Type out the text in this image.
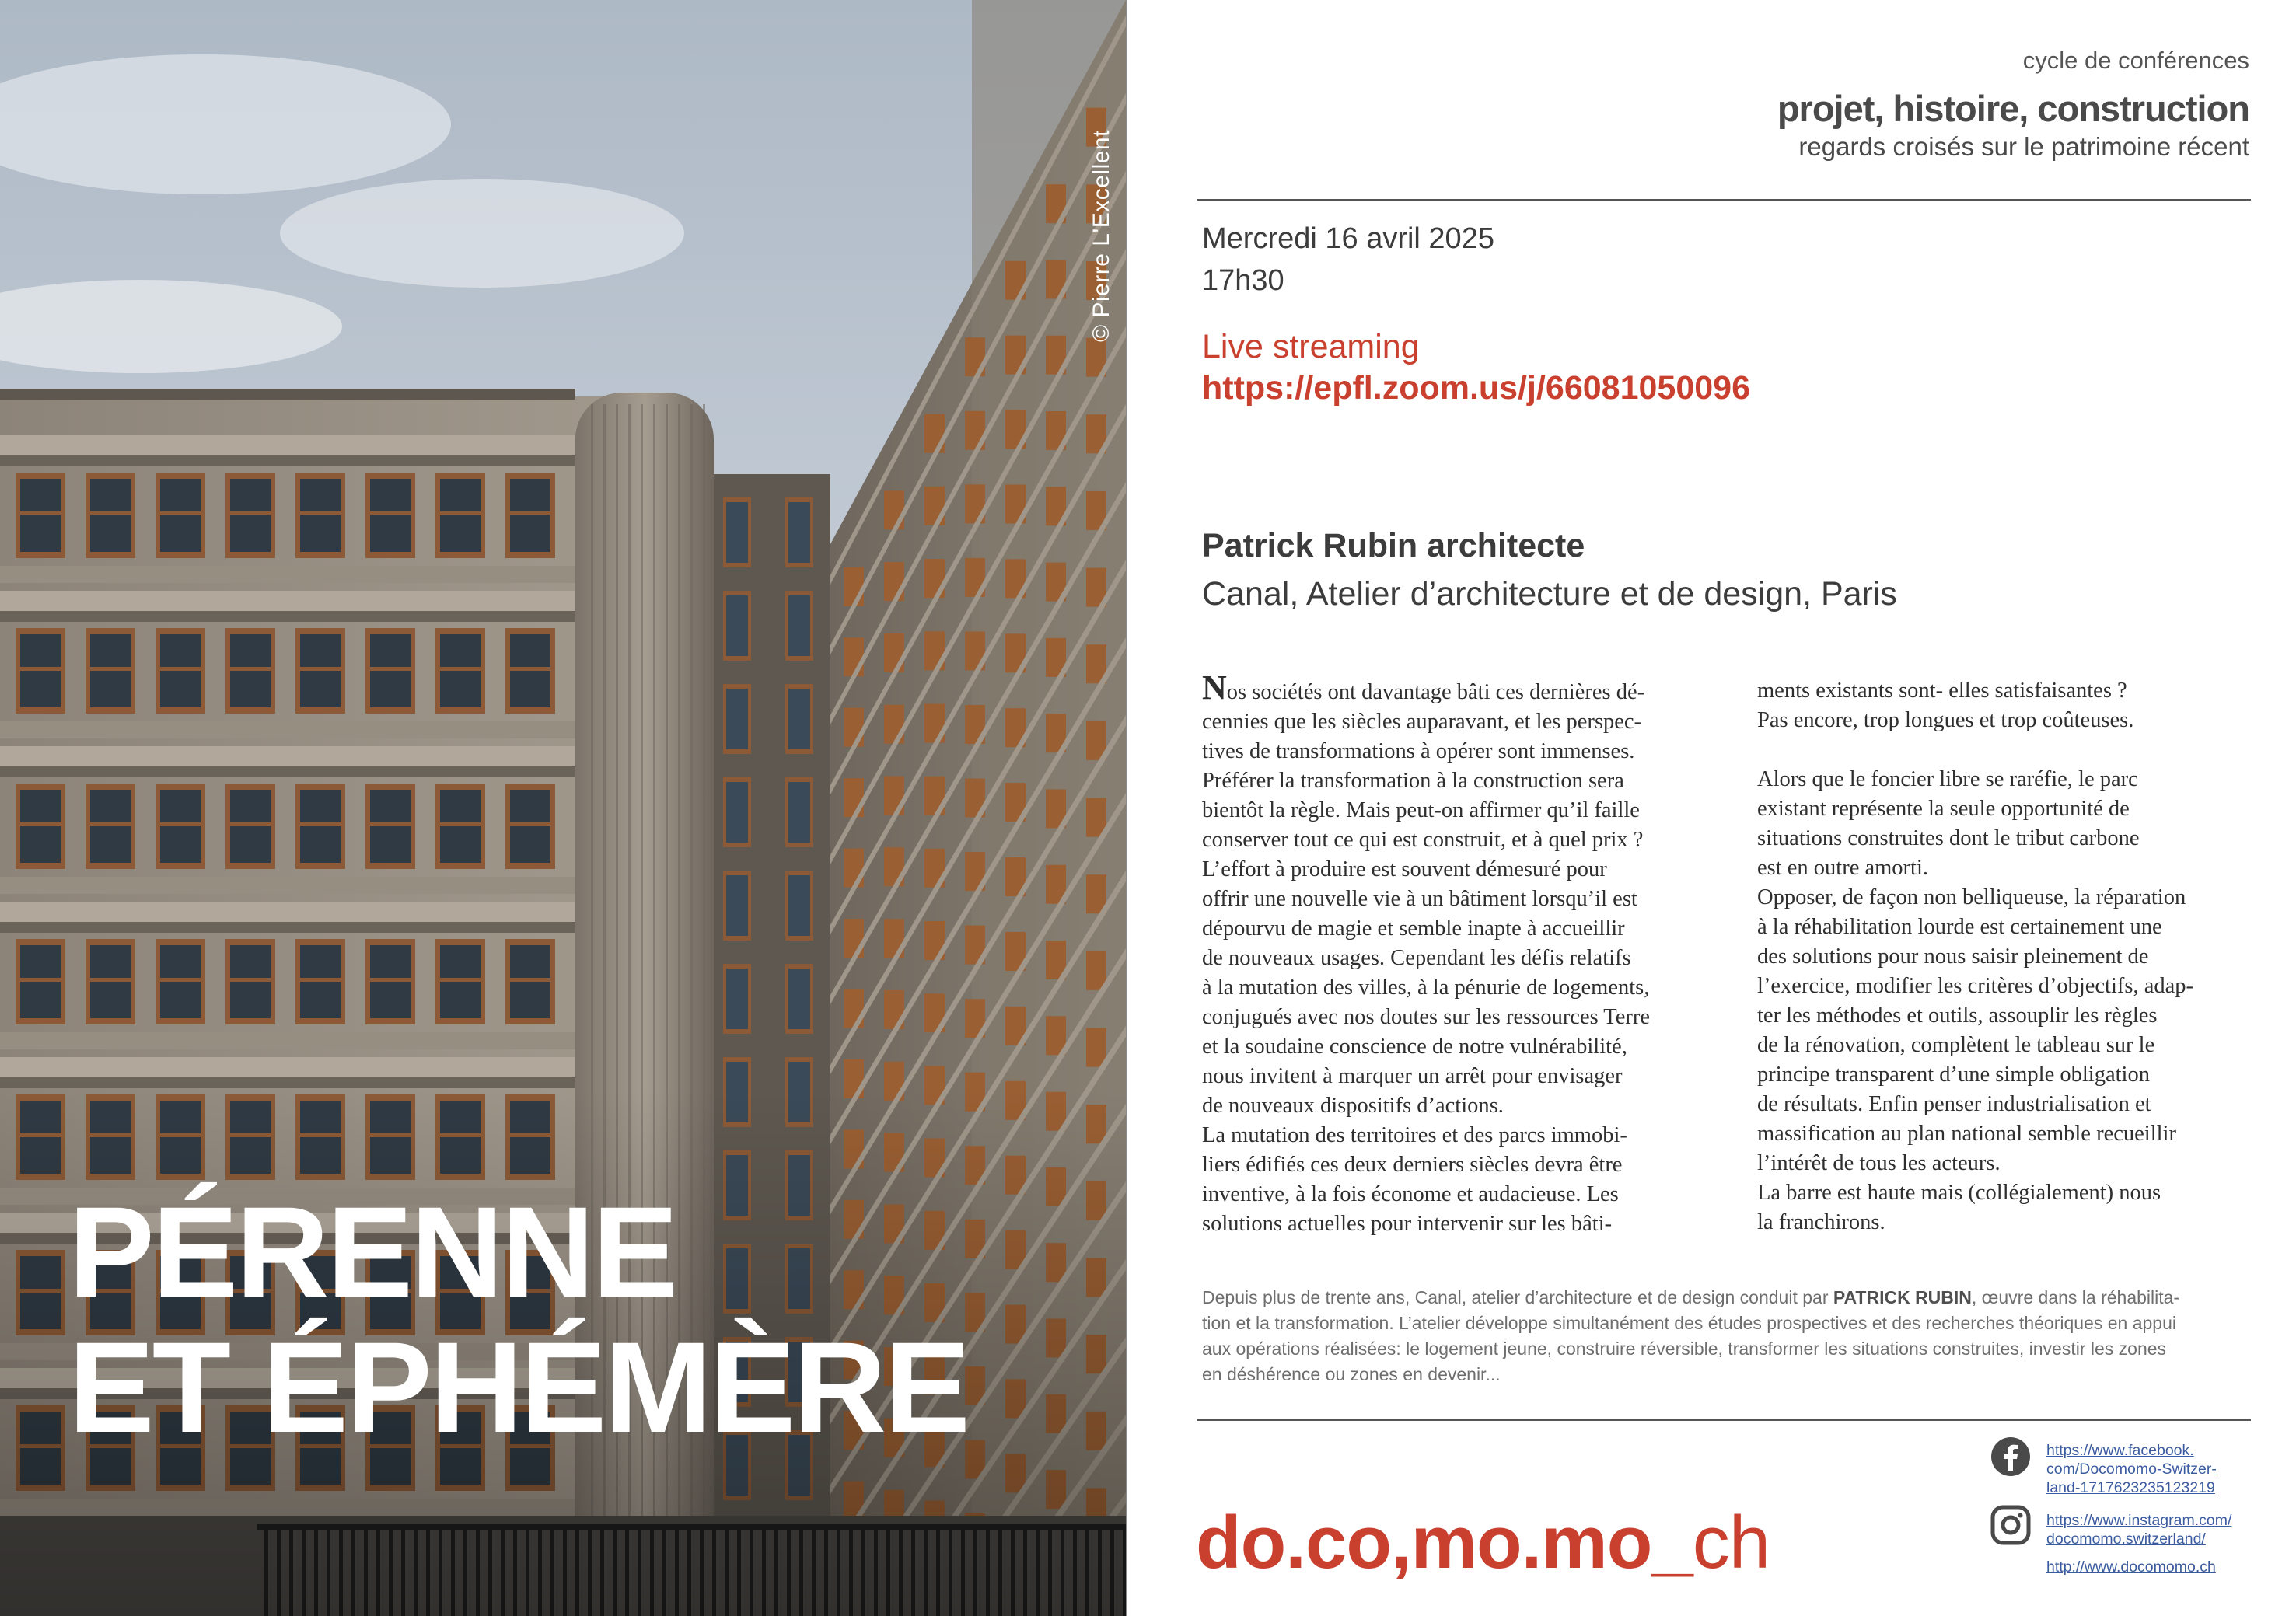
© Pierre L'Excellent
PÉRENNE
ET ÉPHÉMÈRE
cycle de conférences
projet, histoire, construction
regards croisés sur le patrimoine récent
Mercredi 16 avril 2025
17h30
Live streaming
https://epfl.zoom.us/j/66081050096
Patrick Rubin architecte
Canal, Atelier d’architecture et de design, Paris
Nos sociétés ont davantage bâti ces dernières dé-
cennies que les siècles auparavant, et les perspec-
tives de transformations à opérer sont immenses.
Préférer la transformation à la construction sera
bientôt la règle. Mais peut-on affirmer qu’il faille
conserver tout ce qui est construit, et à quel prix ?
L’effort à produire est souvent démesuré pour
offrir une nouvelle vie à un bâtiment lorsqu’il est
dépourvu de magie et semble inapte à accueillir
de nouveaux usages. Cependant les défis relatifs
à la mutation des villes, à la pénurie de logements,
conjugués avec nos doutes sur les ressources Terre
et la soudaine conscience de notre vulnérabilité,
nous invitent à marquer un arrêt pour envisager
de nouveaux dispositifs d’actions.
La mutation des territoires et des parcs immobi-
liers édifiés ces deux derniers siècles devra être
inventive, à la fois économe et audacieuse. Les
solutions actuelles pour intervenir sur les bâti-
ments existants sont- elles satisfaisantes ?
Pas encore, trop longues et trop coûteuses.
Alors que le foncier libre se raréfie, le parc
existant représente la seule opportunité de
situations construites dont le tribut carbone
est en outre amorti.
Opposer, de façon non belliqueuse, la réparation
à la réhabilitation lourde est certainement une
des solutions pour nous saisir pleinement de
l’exercice, modifier les critères d’objectifs, adap-
ter les méthodes et outils, assouplir les règles
de la rénovation, complètent le tableau sur le
principe transparent d’une simple obligation
de résultats. Enfin penser industrialisation et
massification au plan national semble recueillir
l’intérêt de tous les acteurs.
La barre est haute mais (collégialement) nous
la franchirons.
Depuis plus de trente ans, Canal, atelier d’architecture et de design conduit par PATRICK RUBIN, œuvre dans la réhabilita-
tion et la transformation. L’atelier développe simultanément des études prospectives et des recherches théoriques en appui
aux opérations réalisées: le logement jeune, construire réversible, transformer les situations construites, investir les zones
en déshérence ou zones en devenir...
do.co,mo.mo_ch
https://www.facebook.
com/Docomomo-Switzer-
land-1717623235123219
https://www.instagram.com/
docomomo.switzerland/
http://www.docomomo.ch
